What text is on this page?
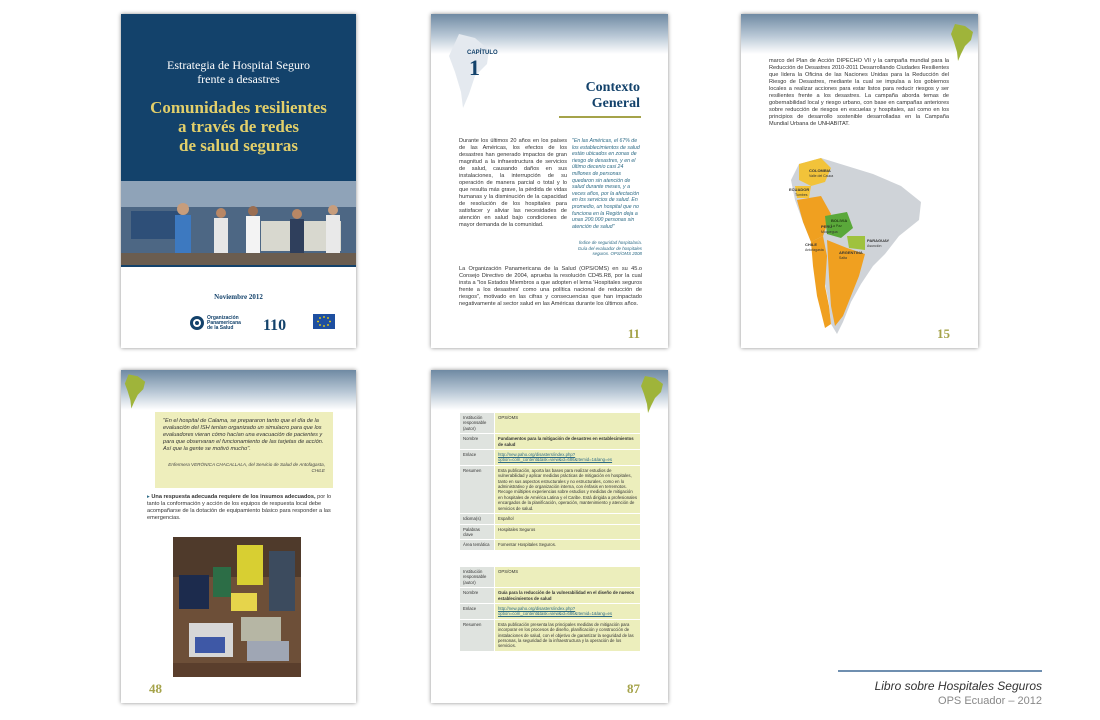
Estrategia de Hospital Seguro
frente a desastres
Comunidades resilientes
a través de redes
de salud seguras
Capitalización de la experiencia en Suramérica
Proyecto DIPECHO VII 2011-2012
Noviembre 2012
Organización
Panamericana
de la Salud 110
CAPÍTULO
1
Contexto
General
Durante los últimos 20 años en los países de las Américas, los efectos de los desastres han generado impactos de gran magnitud a la infraestructura de servicios de salud, causando daños en sus instalaciones, la interrupción de su operación de manera parcial o total y lo que resulta más grave, la pérdida de vidas humanas y la disminución de la capacidad de resolución de los hospitales para satisfacer y aliviar las necesidades de atención en salud bajo condiciones de mayor demanda de la comunidad.
"En las Américas, el 67% de los establecimientos de salud están ubicados en zonas de riesgo de desastres, y en el último decenio casi 24 millones de personas quedaron sin atención de salud durante meses, y a veces años, por la afectación en los servicios de salud. En promedio, un hospital que no funciona en la Región deja a unas 200.000 personas sin atención de salud"
Índice de seguridad hospitalaria. Guía del evaluador de hospitales seguros. OPS/OMS 2008
La Organización Panamericana de la Salud (OPS/OMS) en su 45.o Consejo Directivo de 2004, aprueba la resolución CD45.R8, por la cual insta a "los Estados Miembros a que adopten el lema 'Hospitales seguros frente a los desastres' como una política nacional de reducción de riesgos", motivado en las cifras y consecuencias que han impactado negativamente al sector salud en las Américas durante los últimos años.
11
marco del Plan de Acción DIPECHO VII y la campaña mundial para la Reducción de Desastres 2010-2011 Desarrollando Ciudades Resilientes que lidera la Oficina de las Naciones Unidas para la Reducción del Riesgo de Desastres, mediante la cual se impulsa a los gobiernos locales a realizar acciones para estar listos para reducir riesgos y ser resilientes frente a los desastres. La campaña aborda temas de gobernabilidad local y riesgo urbano, con base en campañas anteriores sobre reducción de riesgos en escuelas y hospitales, así como en los principios de desarrollo sostenible desarrolladas en la Campaña Mundial Urbana de UNHABITAT.
COLOMBIA
Valle del Cauca
ECUADOR
Tumbes
PERÚ
Moquegua
BOLIVIA
La Paz
CHILE
Antofagasta
PARAGUAY
Asunción
ARGENTINA
Salta
15
"En el hospital de Calama, se prepararon tanto que el día de la evaluación del ISH tenían organizado un simulacro para que los evaluadores vieran cómo hacían una evacuación de pacientes y para que observaran el funcionamiento de las tarjetas de acción. Así que la gente se motivó mucho".
Enfermera VERÓNICA CHACALLALA, del Servicio de Salud de Antofagasta, CHILE
▸ Una respuesta adecuada requiere de los insumos adecuados, por lo tanto la conformación y acción de los equipos de respuesta local debe acompañarse de la dotación de equipamiento básico para responder a las emergencias.
48
Institución responsable (autor)	OPS/OMS
Nombre	Fundamentos para la mitigación de desastres en establecimientos de salud
Enlace	http://new.paho.org/disasters/index.php?option=com_content&task=view&id=686&Itemid=1&lang=es
Resumen	Esta publicación, aporta las bases para realizar estudios de vulnerabilidad y aplicar medidas prácticas de mitigación en hospitales, tanto en sus aspectos estructurales y no estructurales, como en lo administrativo y de organización interna, con énfasis en terremotos. Recoge múltiples experiencias sobre estudios y medidas de mitigación en hospitales de América Latina y el Caribe. Está dirigida a profesionales encargados de la planificación, operación, mantenimiento y atención de servicios de salud.
Idioma(s)	Español
Palabras clave	Hospitales Seguros
Área temática	Fomentar Hospitales Seguros.
Institución responsable (autor)	OPS/OMS
Nombre	Guía para la reducción de la vulnerabilidad en el diseño de nuevos establecimientos de salud
Enlace	http://new.paho.org/disasters/index.php?option=com_content&task=view&id=686&Itemid=1&lang=es
Resumen	Esta publicación presenta las principales medidas de mitigación para incorporar en los procesos de diseño, planificación y construcción de instalaciones de salud, con el objetivo de garantizar la seguridad de las personas, la seguridad de la infraestructura y la operación de los servicios.
87	Libro sobre Hospitales Seguros
OPS Ecuador – 2012
